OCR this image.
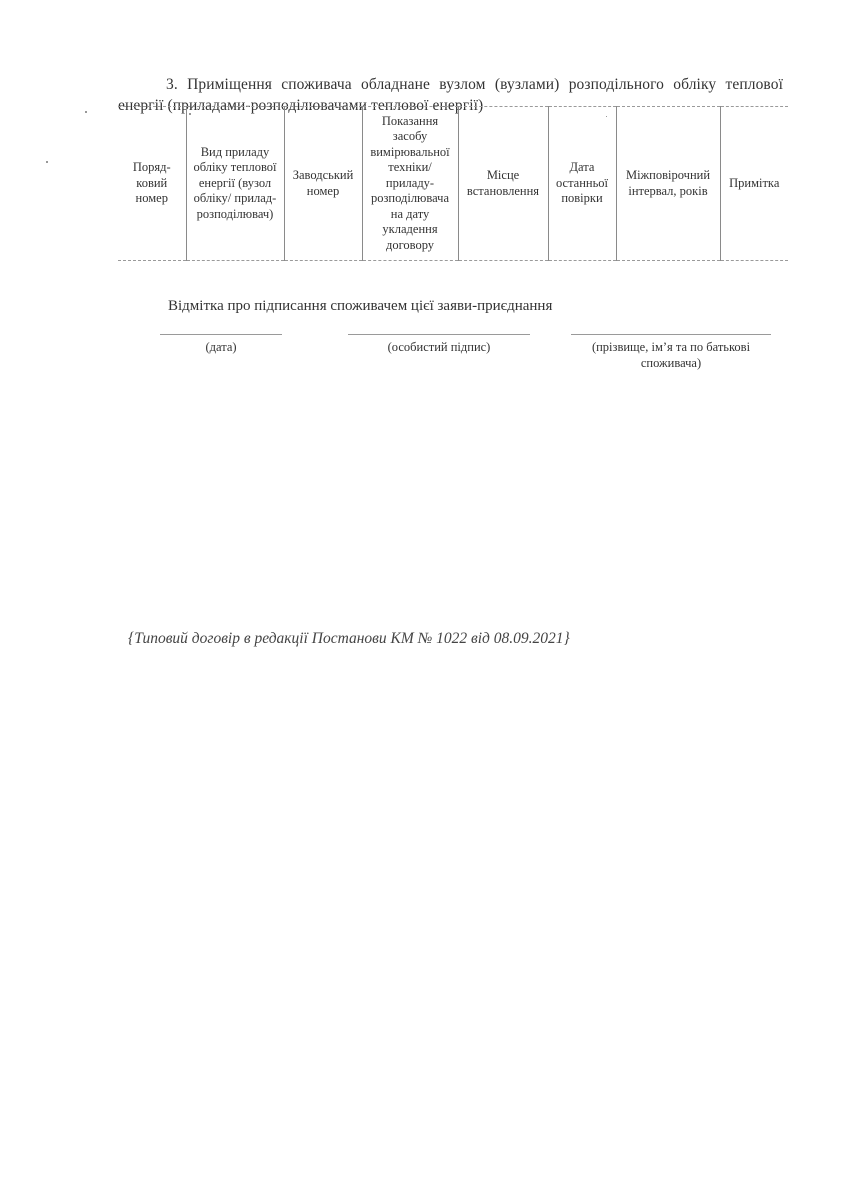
3. Приміщення споживача обладнане вузлом (вузлами) розподільного обліку теплової енергії (приладами-розподілювачами теплової енергії)

Поряд-ковий номер	Вид приладу обліку теплової енергії (вузол обліку/ прилад-розподілювач)	Заводський номер	Показання засобу вимірювальної техніки/ приладу-розподілювача на дату укладення договору	Місце встановлення	Дата останньої повірки	Міжповірочний інтервал, років	Примітка
Відмітка про підписання споживачем цієї заяви-приєднання
(дата)	(особистий підпис)	(прізвище, ім’я та по батькові споживача)
{Типовий договір в редакції Постанови КМ № 1022 від 08.09.2021}
